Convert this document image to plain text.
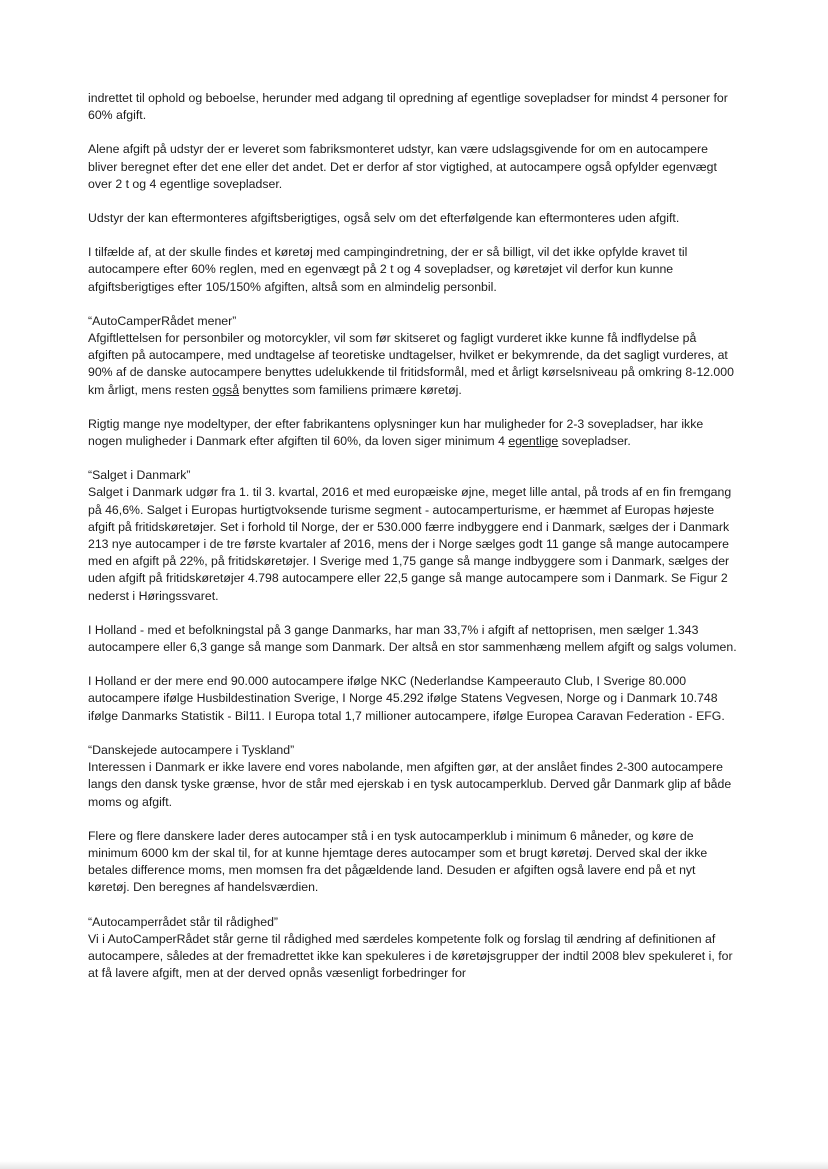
indrettet til ophold og beboelse, herunder med adgang til opredning af egentlige sovepladser for mindst 4 personer for 60% afgift.

Alene afgift på udstyr der er leveret som fabriksmonteret udstyr, kan være udslagsgivende for om en autocampere bliver beregnet efter det ene eller det andet. Det er derfor af stor vigtighed, at autocampere også opfylder egenvægt over 2 t og 4 egentlige sovepladser.

Udstyr der kan eftermonteres afgiftsberigtiges, også selv om det efterfølgende kan eftermonteres uden afgift.

I tilfælde af, at der skulle findes et køretøj med campingindretning, der er så billigt, vil det ikke opfylde kravet til autocampere efter 60% reglen, med en egenvægt på 2 t og 4 sovepladser, og køretøjet vil derfor kun kunne afgiftsberigtiges efter 105/150% afgiften, altså som en almindelig personbil.

“AutoCamperRådet mener”

Afgiftlettelsen for personbiler og motorcykler, vil som før skitseret og fagligt vurderet ikke kunne få indflydelse på afgiften på autocampere, med undtagelse af teoretiske undtagelser, hvilket er bekymrende, da det sagligt vurderes, at 90% af de danske autocampere benyttes udelukkende til fritidsformål, med et årligt kørselsniveau på omkring 8-12.000 km årligt, mens resten også benyttes som familiens primære køretøj.

Rigtig mange nye modeltyper, der efter fabrikantens oplysninger kun har muligheder for 2-3 sovepladser, har ikke nogen muligheder i Danmark efter afgiften til 60%, da loven siger minimum 4 egentlige sovepladser.

“Salget i Danmark”

Salget i Danmark udgør fra 1. til 3. kvartal, 2016 et med europæiske øjne, meget lille antal, på trods af en fin fremgang på 46,6%. Salget i Europas hurtigtvoksende turisme segment - autocamperturisme, er hæmmet af Europas højeste afgift på fritidskøretøjer. Set i forhold til Norge, der er 530.000 færre indbyggere end i Danmark, sælges der i Danmark 213 nye autocamper i de tre første kvartaler af 2016, mens der i Norge sælges godt 11 gange så mange autocampere med en afgift på 22%, på fritidskøretøjer. I Sverige med 1,75 gange så mange indbyggere som i Danmark, sælges der uden afgift på fritidskøretøjer 4.798 autocampere eller 22,5 gange så mange autocampere som i Danmark. Se Figur 2 nederst i Høringssvaret.

I Holland - med et befolkningstal på 3 gange Danmarks, har man 33,7% i afgift af nettoprisen, men sælger 1.343 autocampere eller 6,3 gange så mange som Danmark. Der altså en stor sammenhæng mellem afgift og salgs volumen.

I Holland er der mere end 90.000 autocampere ifølge NKC (Nederlandse Kampeerauto Club, I Sverige 80.000 autocampere ifølge Husbildestination Sverige, I Norge 45.292 ifølge Statens Vegvesen, Norge og i Danmark 10.748 ifølge Danmarks Statistik - Bil11. I Europa total 1,7 millioner autocampere, ifølge Europea Caravan Federation - EFG.

“Danskejede autocampere i Tyskland”

Interessen i Danmark er ikke lavere end vores nabolande, men afgiften gør, at der anslået findes 2-300 autocampere langs den dansk tyske grænse, hvor de står med ejerskab i en tysk autocamperklub. Derved går Danmark glip af både moms og afgift.

Flere og flere danskere lader deres autocamper stå i en tysk autocamperklub i minimum 6 måneder, og køre de minimum 6000 km der skal til, for at kunne hjemtage deres autocamper som et brugt køretøj. Derved skal der ikke betales difference moms, men momsen fra det pågældende land. Desuden er afgiften også lavere end på et nyt køretøj. Den beregnes af handelsværdien.

“Autocamperrådet står til rådighed”

Vi i AutoCamperRådet står gerne til rådighed med særdeles kompetente folk og forslag til ændring af definitionen af autocampere, således at der fremadrettet ikke kan spekuleres i de køretøjsgrupper der indtil 2008 blev spekuleret i, for at få lavere afgift, men at der derved opnås væsenligt forbedringer for
